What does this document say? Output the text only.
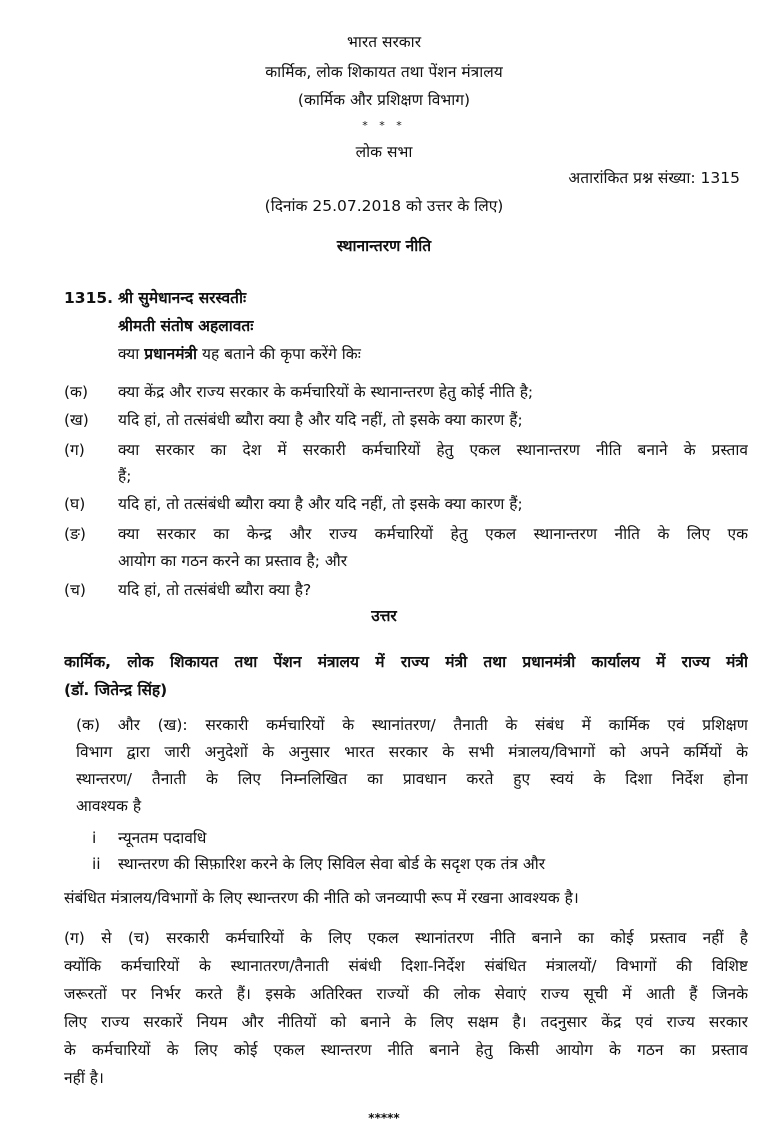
भारत सरकार
कार्मिक, लोक शिकायत तथा पेंशन मंत्रालय
(कार्मिक और प्रशिक्षण विभाग)
* * *
लोक सभा
अतारांकित प्रश्न संख्या: 1315
(दिनांक 25.07.2018 को उत्तर के लिए)
स्थानान्तरण नीति
1315. श्री सुमेधानन्द सरस्वतीः
श्रीमती संतोष अहलावतः
क्या प्रधानमंत्री यह बताने की कृपा करेंगे किः
(क) क्या केंद्र और राज्य सरकार के कर्मचारियों के स्थानान्तरण हेतु कोई नीति है;
(ख) यदि हां, तो तत्संबंधी ब्यौरा क्या है और यदि नहीं, तो इसके क्या कारण हैं;
(ग) क्या सरकार का देश में सरकारी कर्मचारियों हेतु एकल स्थानान्तरण नीति बनाने के प्रस्ताव
हैं;
(घ) यदि हां, तो तत्संबंधी ब्यौरा क्या है और यदि नहीं, तो इसके क्या कारण हैं;
(ङ) क्या सरकार का केन्द्र और राज्य कर्मचारियों हेतु एकल स्थानान्तरण नीति के लिए एक
आयोग का गठन करने का प्रस्ताव है; और
(च) यदि हां, तो तत्संबंधी ब्यौरा क्या है?
उत्तर
कार्मिक, लोक शिकायत तथा पेंशन मंत्रालय में राज्य मंत्री तथा प्रधानमंत्री कार्यालय में राज्य मंत्री
(डॉ. जितेन्द्र सिंह)
(क) और (ख): सरकारी कर्मचारियों के स्थानांतरण/ तैनाती के संबंध में कार्मिक एवं प्रशिक्षण
विभाग द्वारा जारी अनुदेशों के अनुसार भारत सरकार के सभी मंत्रालय/विभागों को अपने कर्मियों के
स्थान्तरण/ तैनाती के लिए निम्नलिखित का प्रावधान करते हुए स्वयं के दिशा निर्देश होना
आवश्यक है
i न्यूनतम पदावधि
ii स्थान्तरण की सिफ़ारिश करने के लिए सिविल सेवा बोर्ड के सदृश एक तंत्र और
संबंधित मंत्रालय/विभागों के लिए स्थान्तरण की नीति को जनव्यापी रूप में रखना आवश्यक है।
(ग) से (च) सरकारी कर्मचारियों के लिए एकल स्थानांतरण नीति बनाने का कोई प्रस्ताव नहीं है
क्योंकि कर्मचारियों के स्थानातरण/तैनाती संबंधी दिशा-निर्देश संबंधित मंत्रालयों/ विभागों की विशिष्ट
जरूरतों पर निर्भर करते हैं। इसके अतिरिक्त राज्यों की लोक सेवाएं राज्य सूची में आती हैं जिनके
लिए राज्य सरकारें नियम और नीतियों को बनाने के लिए सक्षम है। तदनुसार केंद्र एवं राज्य सरकार
के कर्मचारियों के लिए कोई एकल स्थान्तरण नीति बनाने हेतु किसी आयोग के गठन का प्रस्ताव
नहीं है।
*****
